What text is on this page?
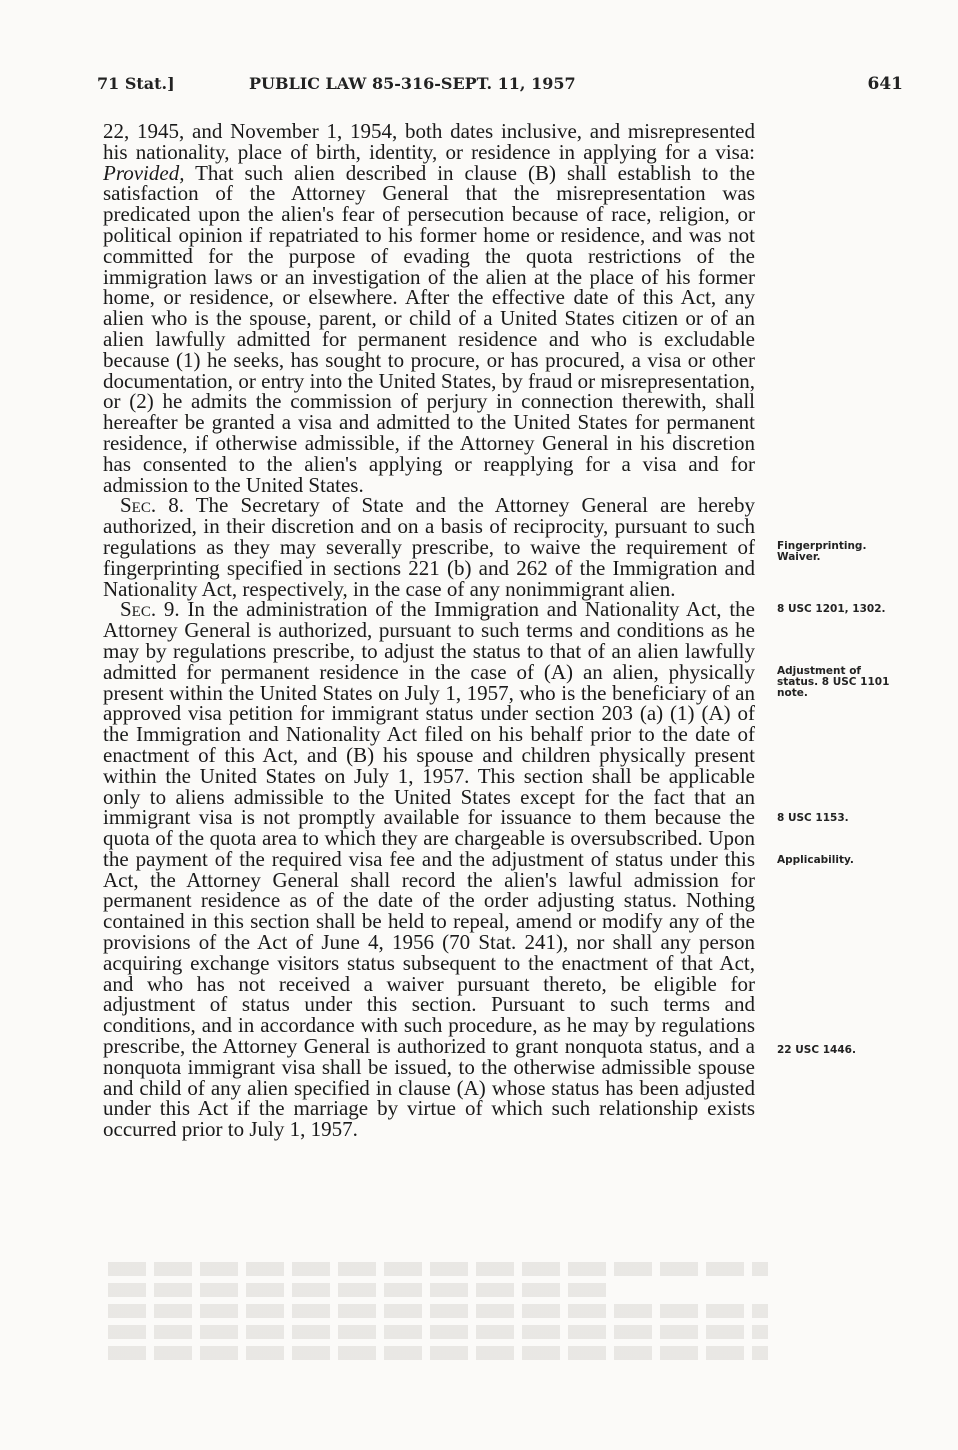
71 Stat.]	PUBLIC LAW 85-316-SEPT. 11, 1957	641

22, 1945, and November 1, 1954, both dates inclusive, and misrepresented his nationality, place of birth, identity, or residence in applying for a visa: Provided, That such alien described in clause (B) shall establish to the satisfaction of the Attorney General that the misrepresentation was predicated upon the alien's fear of persecution because of race, religion, or political opinion if repatriated to his former home or residence, and was not committed for the purpose of evading the quota restrictions of the immigration laws or an investigation of the alien at the place of his former home, or residence, or elsewhere. After the effective date of this Act, any alien who is the spouse, parent, or child of a United States citizen or of an alien lawfully admitted for permanent residence and who is excludable because (1) he seeks, has sought to procure, or has procured, a visa or other documentation, or entry into the United States, by fraud or misrepresentation, or (2) he admits the commission of perjury in connection therewith, shall hereafter be granted a visa and admitted to the United States for permanent residence, if otherwise admissible, if the Attorney General in his discretion has consented to the alien's applying or reapplying for a visa and for admission to the United States.

Sec. 8. The Secretary of State and the Attorney General are hereby authorized, in their discretion and on a basis of reciprocity, pursuant to such regulations as they may severally prescribe, to waive the requirement of fingerprinting specified in sections 221 (b) and 262 of the Immigration and Nationality Act, respectively, in the case of any nonimmigrant alien.

Sec. 9. In the administration of the Immigration and Nationality Act, the Attorney General is authorized, pursuant to such terms and conditions as he may by regulations prescribe, to adjust the status to that of an alien lawfully admitted for permanent residence in the case of (A) an alien, physically present within the United States on July 1, 1957, who is the beneficiary of an approved visa petition for immigrant status under section 203 (a) (1) (A) of the Immigration and Nationality Act filed on his behalf prior to the date of enactment of this Act, and (B) his spouse and children physically present within the United States on July 1, 1957. This section shall be applicable only to aliens admissible to the United States except for the fact that an immigrant visa is not promptly available for issuance to them because the quota of the quota area to which they are chargeable is oversubscribed. Upon the payment of the required visa fee and the adjustment of status under this Act, the Attorney General shall record the alien's lawful admission for permanent residence as of the date of the order adjusting status. Nothing contained in this section shall be held to repeal, amend or modify any of the provisions of the Act of June 4, 1956 (70 Stat. 241), nor shall any person acquiring exchange visitors status subsequent to the enactment of that Act, and who has not received a waiver pursuant thereto, be eligible for adjustment of status under this section. Pursuant to such terms and conditions, and in accordance with such procedure, as he may by regulations prescribe, the Attorney General is authorized to grant nonquota status, and a nonquota immigrant visa shall be issued, to the otherwise admissible spouse and child of any alien specified in clause (A) whose status has been adjusted under this Act if the marriage by virtue of which such relationship exists occurred prior to July 1, 1957.

Fingerprinting. Waiver.
8 USC 1201, 1302.
Adjustment of status. 8 USC 1101 note.
8 USC 1153.
Applicability.
22 USC 1446.
